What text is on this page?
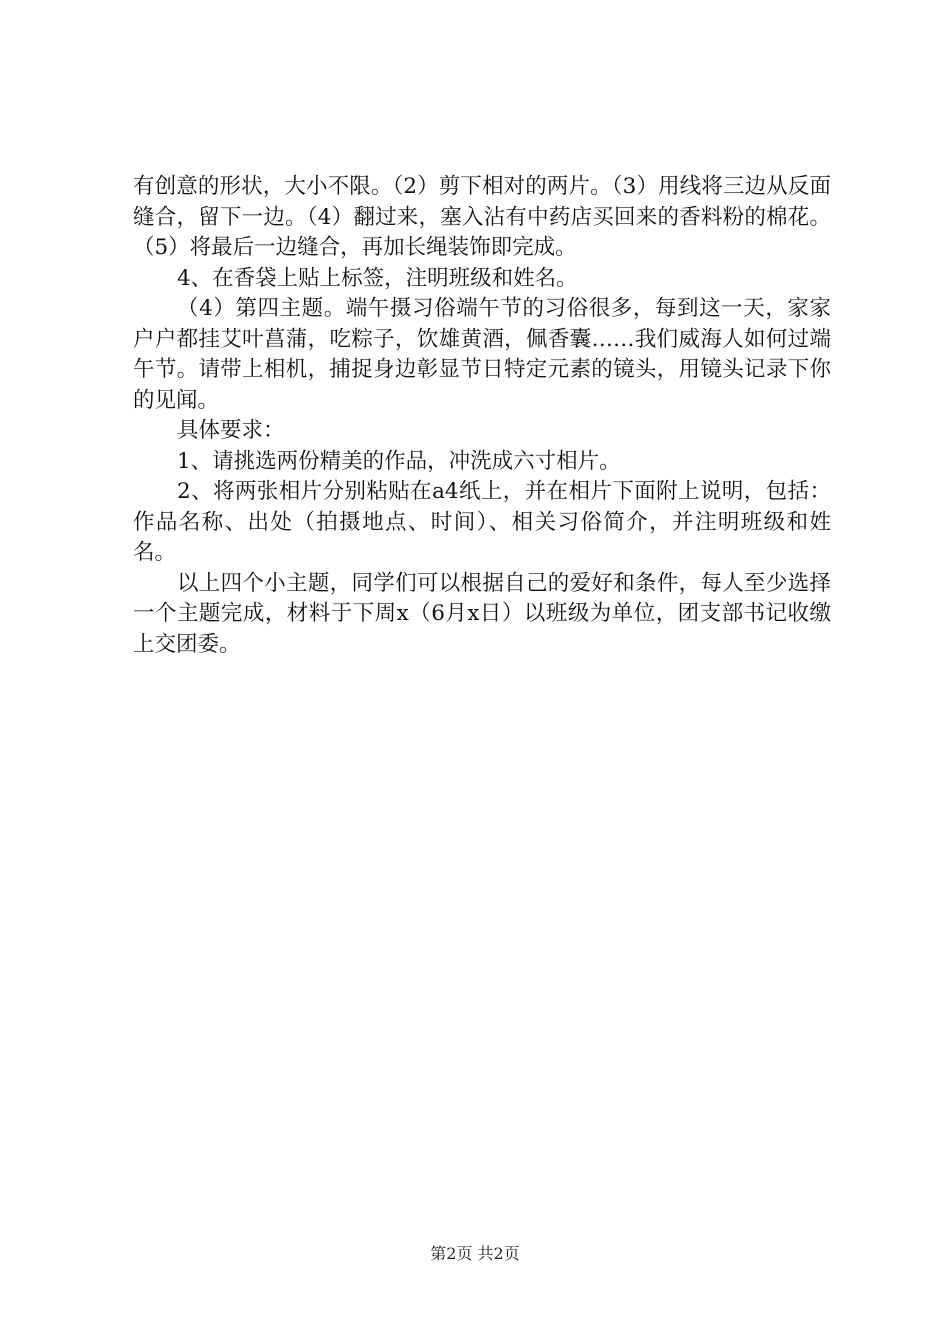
有创意的形状，大小不限。（2）剪下相对的两片。（3）用线将三边从反面缝合，留下一边。（4）翻过来，塞入沾有中药店买回来的香料粉的棉花。（5）将最后一边缝合，再加长绳装饰即完成。

4、在香袋上贴上标签，注明班级和姓名。

（4）第四主题。端午摄习俗端午节的习俗很多，每到这一天，家家户户都挂艾叶菖蒲，吃粽子，饮雄黄酒，佩香囊……我们威海人如何过端午节。请带上相机，捕捉身边彰显节日特定元素的镜头，用镜头记录下你的见闻。

具体要求：

1、请挑选两份精美的作品，冲洗成六寸相片。

2、将两张相片分别粘贴在a4纸上，并在相片下面附上说明，包括：作品名称、出处（拍摄地点、时间）、相关习俗简介，并注明班级和姓名。

以上四个小主题，同学们可以根据自己的爱好和条件，每人至少选择一个主题完成，材料于下周x（6月x日）以班级为单位，团支部书记收缴上交团委。

第2页 共2页
